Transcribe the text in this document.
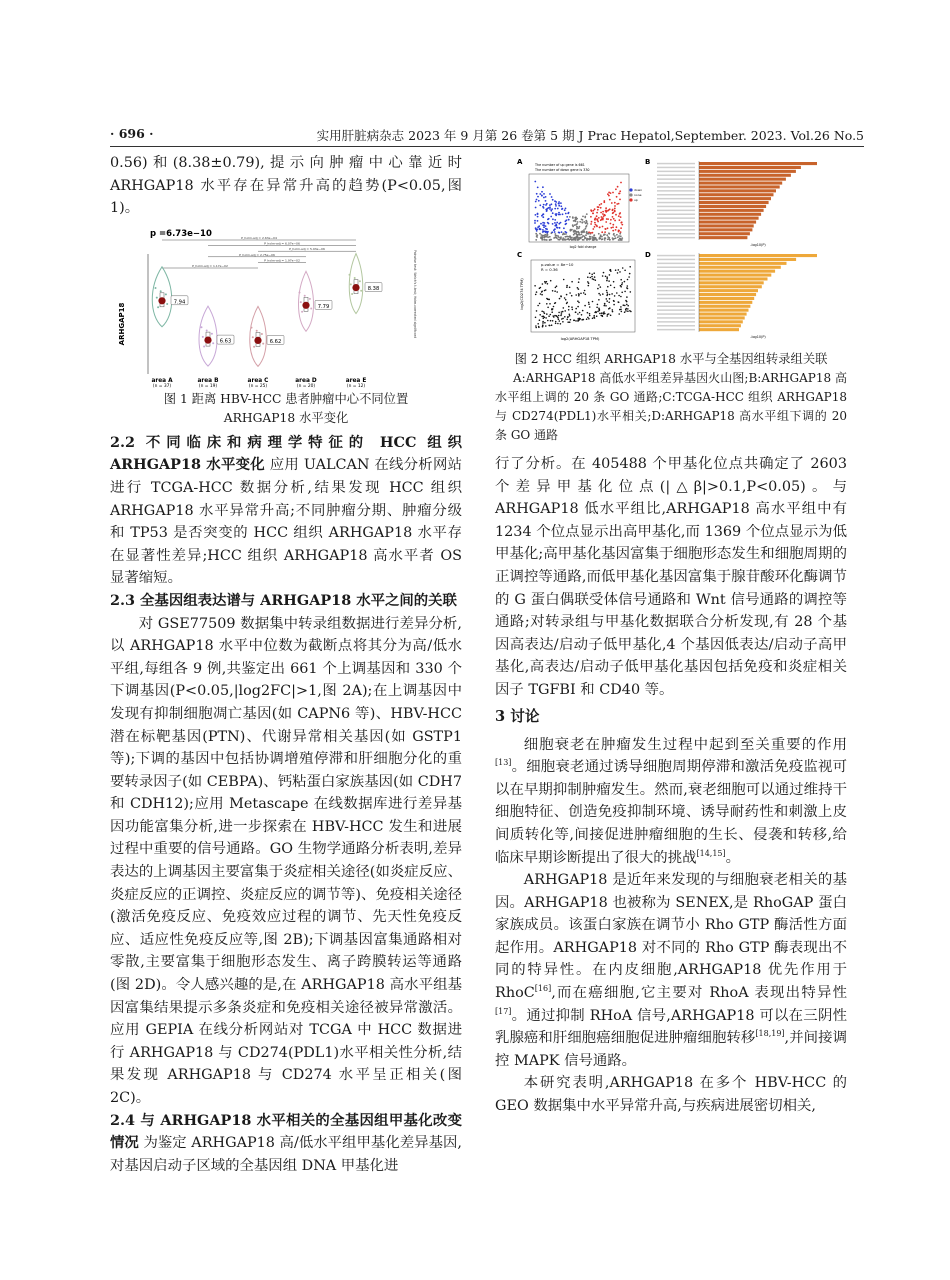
· 696 ·	实用肝脏病杂志 2023 年 9 月第 26 卷第 5 期 J Prac Hepatol,September. 2023. Vol.26 No.5

0.56)和(8.38±0.79),提示向肿瘤中心靠近时 ARHGAP18 水平存在异常升高的趋势(P<0.05,图 1)。

p =6.73e−10
ARHGAP18	Pairwise test: Welch's t-test; Holm-corrected significant
P_holm-adj = 2.63e−04
P_holm-adj = 6.07e−06
P_holm-adj = 5.93e−06
P_holm-adj = 2.75e−06
P_holm-adj = 1.97e−02
P_holm-adj = 1.17e−02
7.94
6.63	6.62
7.79
8.38
area A
(n = 37)
area B
(n = 19)
area C
(n = 25)
area D
(n = 20)
area E
(n = 12)

图 1 距离 HBV-HCC 患者肿瘤中心不同位置

ARHGAP18 水平变化

2.2 不同临床和病理学特征的 HCC 组织 ARHGAP18 水平变化 应用 UALCAN 在线分析网站进行 TCGA-HCC 数据分析,结果发现 HCC 组织 ARHGAP18 水平异常升高;不同肿瘤分期、肿瘤分级和 TP53 是否突变的 HCC 组织 ARHGAP18 水平存在显著性差异;HCC 组织 ARHGAP18 高水平者 OS 显著缩短。

2.3 全基因组表达谱与 ARHGAP18 水平之间的关联

对 GSE77509 数据集中转录组数据进行差异分析,以 ARHGAP18 水平中位数为截断点将其分为高/低水平组,每组各 9 例,共鉴定出 661 个上调基因和 330 个下调基因(P<0.05,|log2FC|>1,图 2A);在上调基因中发现有抑制细胞凋亡基因(如 CAPN6 等)、HBV-HCC 潜在标靶基因(PTN)、代谢异常相关基因(如 GSTP1 等);下调的基因中包括协调增殖停滞和肝细胞分化的重要转录因子(如 CEBPA)、钙粘蛋白家族基因(如 CDH7 和 CDH12);应用 Metascape 在线数据库进行差异基因功能富集分析,进一步探索在 HBV-HCC 发生和进展过程中重要的信号通路。GO 生物学通路分析表明,差异表达的上调基因主要富集于炎症相关途径(如炎症反应、炎症反应的正调控、炎症反应的调节等)、免疫相关途径(激活免疫反应、免疫效应过程的调节、先天性免疫反应、适应性免疫反应等,图 2B);下调基因富集通路相对零散,主要富集于细胞形态发生、离子跨膜转运等通路(图 2D)。令人感兴趣的是,在 ARHGAP18 高水平组基因富集结果提示多条炎症和免疫相关途径被异常激活。应用 GEPIA 在线分析网站对 TCGA 中 HCC 数据进行 ARHGAP18 与 CD274(PDL1)水平相关性分析,结果发现 ARHGAP18 与 CD274 水平呈正相关(图 2C)。

2.4 与 ARHGAP18 水平相关的全基因组甲基化改变情况 为鉴定 ARHGAP18 高/低水平组甲基化差异基因,对基因启动子区域的全基因组 DNA 甲基化进

A	The number of up gene is 661
The number of down gene is 330
log2 fold change
down
none
up
B
-log10(P)
C
p-value = 8e−10
R = 0.36
log2(ARHGAP18 TPM)
log2(CD274 TPM)
D
-log10(P)

图 2 HCC 组织 ARHGAP18 水平与全基因组转录组关联

A:ARHGAP18 高低水平组差异基因火山图;B:ARHGAP18 高水平组上调的 20 条 GO 通路;C:TCGA-HCC 组织 ARHGAP18 与 CD274(PDL1)水平相关;D:ARHGAP18 高水平组下调的 20 条 GO 通路

行了分析。在 405488 个甲基化位点共确定了 2603 个差异甲基化位点(|△β|>0.1,P<0.05)。与 ARHGAP18 低水平组比,ARHGAP18 高水平组中有 1234 个位点显示出高甲基化,而 1369 个位点显示为低甲基化;高甲基化基因富集于细胞形态发生和细胞周期的正调控等通路,而低甲基化基因富集于腺苷酸环化酶调节的 G 蛋白偶联受体信号通路和 Wnt 信号通路的调控等通路;对转录组与甲基化数据联合分析发现,有 28 个基因高表达/启动子低甲基化,4 个基因低表达/启动子高甲基化,高表达/启动子低甲基化基因包括免疫和炎症相关因子 TGFBI 和 CD40 等。

3 讨论

细胞衰老在肿瘤发生过程中起到至关重要的作用[13]。细胞衰老通过诱导细胞周期停滞和激活免疫监视可以在早期抑制肿瘤发生。然而,衰老细胞可以通过维持干细胞特征、创造免疫抑制环境、诱导耐药性和刺激上皮间质转化等,间接促进肿瘤细胞的生长、侵袭和转移,给临床早期诊断提出了很大的挑战[14,15]。

ARHGAP18 是近年来发现的与细胞衰老相关的基因。ARHGAP18 也被称为 SENEX,是 RhoGAP 蛋白家族成员。该蛋白家族在调节小 Rho GTP 酶活性方面起作用。ARHGAP18 对不同的 Rho GTP 酶表现出不同的特异性。在内皮细胞,ARHGAP18 优先作用于 RhoC[16],而在癌细胞,它主要对 RhoA 表现出特异性[17]。通过抑制 RHoA 信号,ARHGAP18 可以在三阴性乳腺癌和肝细胞癌细胞促进肿瘤细胞转移[18,19],并间接调控 MAPK 信号通路。

本研究表明,ARHGAP18 在多个 HBV-HCC 的 GEO 数据集中水平异常升高,与疾病进展密切相关,
